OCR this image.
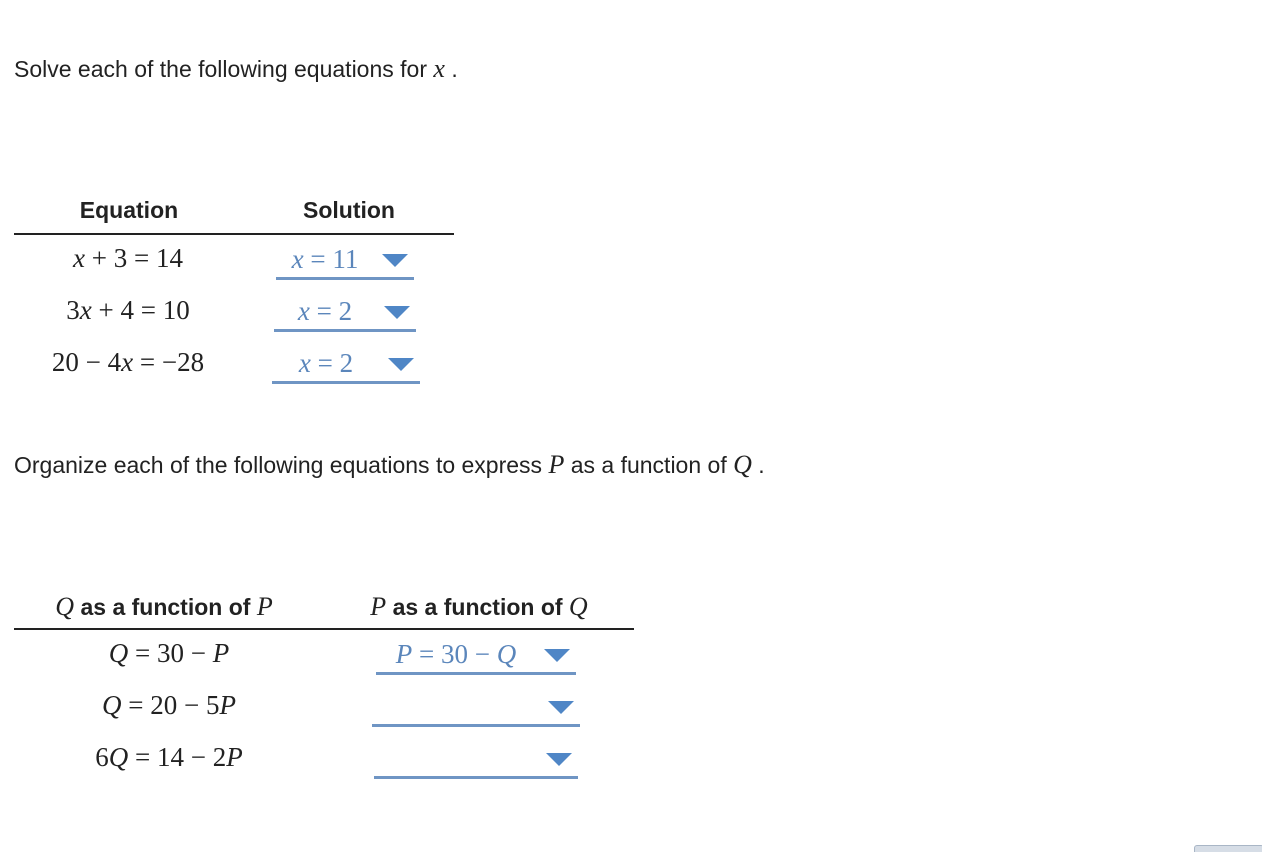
Solve each of the following equations for x .
Equation	Solution
x + 3 = 14	x = 11
3x + 4 = 10	x = 2
20 − 4x = −28	x = 2
Organize each of the following equations to express P as a function of Q .
Q as a function of P	P as a function of Q
Q = 30 − P	P = 30 − Q
Q = 20 − 5P
6Q = 14 − 2P
